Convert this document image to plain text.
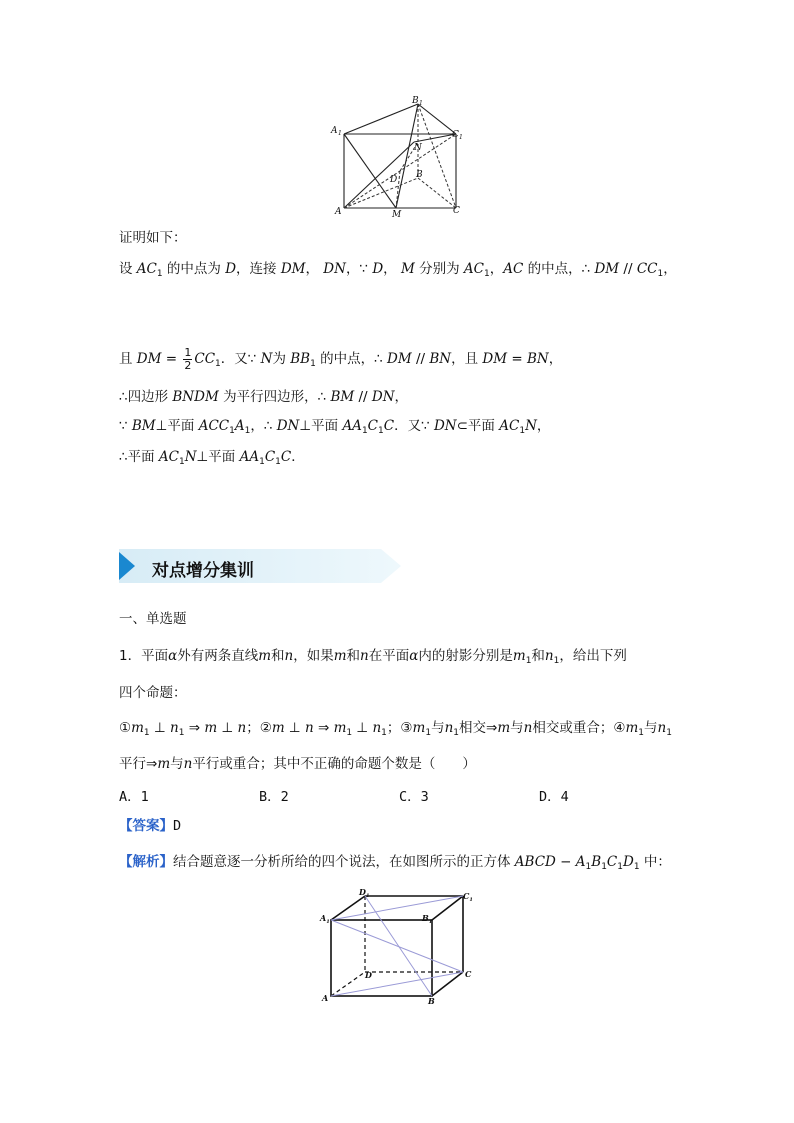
B 1
A 1	C 1
N
D B
A	M	C
证明如下：
设 $AC_1$ 的中点为 D，连接 DM， DN，∵ D， M 分别为 $AC_1$，AC 的中点，∴ DM // $CC_1$，
且 DM = $\frac{1}{2} CC_1$．又∵ N为 $BB_1$ 的中点，∴ DM // BN，且 DM = BN，
∴四边形 BNDM 为平行四边形，∴ BM // DN，
∵ BM⊥平面 $ACC_1A_1$，∴ DN⊥平面 $AA_1C_1C$．又∵ DN⊂平面 $AC_1N$，
∴平面 $AC_1N\perp$平面 $AA_1C_1C$．
对点增分集训
一、单选题
1．平面α外有两条直线m和n，如果m和n在平面α内的射影分别是$m_1$和$n_1$，给出下列
四个命题：
$①m_1$ ⊥ $n_1$ ⇒ m ⊥ n；②m ⊥ n ⇒ $m_1$ ⊥ $n_1$；$③m_1$与$n_1$相交⇒m与n相交或重合；$④m_1$与$n_1$
平行⇒m与n平行或重合；其中不正确的命题个数是（　　）
A．1	B．2	C．3	D．4
【答案】D
【解析】结合题意逐一分析所给的四个说法，在如图所示的正方体 ABCD − $A_1B_1C_1D_1$ 中：
$D_1$	$C_1$
$A_1$	$B_1$
D	C
A	B
